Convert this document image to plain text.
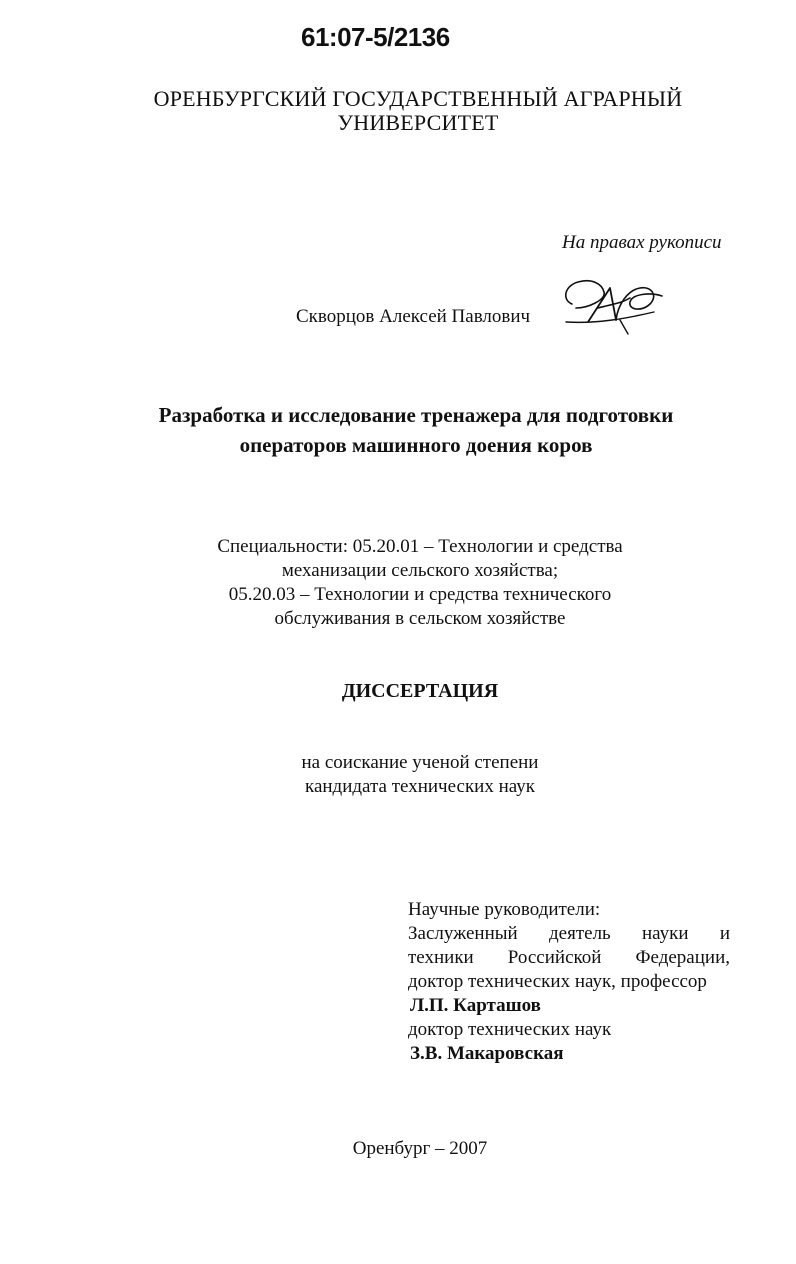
61:07-5/2136
ОРЕНБУРГСКИЙ ГОСУДАРСТВЕННЫЙ АГРАРНЫЙ
УНИВЕРСИТЕТ
На правах рукописи
Скворцов Алексей Павлович
Разработка и исследование тренажера для подготовки
операторов машинного доения коров
Специальности: 05.20.01 – Технологии и средства
механизации сельского хозяйства;
05.20.03 – Технологии и средства технического
обслуживания в сельском хозяйстве
ДИССЕРТАЦИЯ
на соискание ученой степени
кандидата технических наук
Научные руководители:
Заслуженный деятель науки и
техники Российской Федерации,
доктор технических наук, профессор
Л.П. Карташов
доктор технических наук
З.В. Макаровская
Оренбург – 2007
